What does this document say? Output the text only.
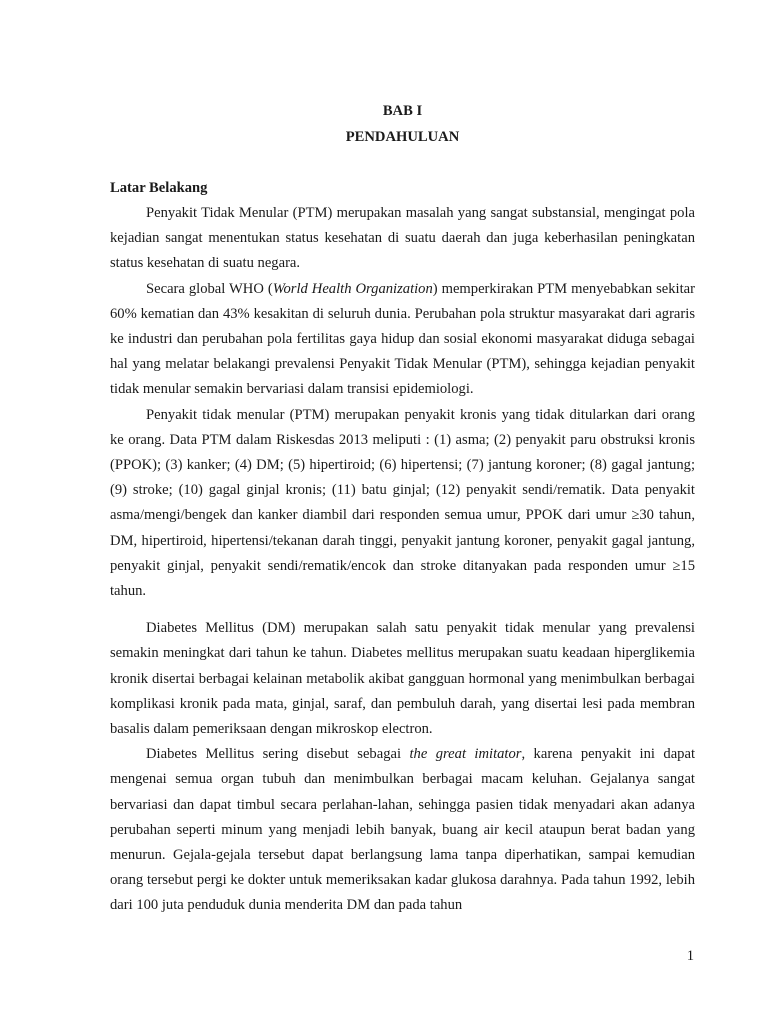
BAB I

PENDAHULUAN

Latar Belakang

Penyakit Tidak Menular (PTM) merupakan masalah yang sangat substansial, mengingat pola kejadian sangat menentukan status kesehatan di suatu daerah dan juga keberhasilan peningkatan status kesehatan di suatu negara.

Secara global WHO (World Health Organization) memperkirakan PTM menyebabkan sekitar 60% kematian dan 43% kesakitan di seluruh dunia. Perubahan pola struktur masyarakat dari agraris ke industri dan perubahan pola fertilitas gaya hidup dan sosial ekonomi masyarakat diduga sebagai hal yang melatar belakangi prevalensi Penyakit Tidak Menular (PTM), sehingga kejadian penyakit tidak menular semakin bervariasi dalam transisi epidemiologi.

Penyakit tidak menular (PTM) merupakan penyakit kronis yang tidak ditularkan dari orang ke orang. Data PTM dalam Riskesdas 2013 meliputi : (1) asma; (2) penyakit paru obstruksi kronis (PPOK); (3) kanker; (4) DM; (5) hipertiroid; (6) hipertensi; (7) jantung koroner; (8) gagal jantung; (9) stroke; (10) gagal ginjal kronis; (11) batu ginjal; (12) penyakit sendi/rematik. Data penyakit asma/mengi/bengek dan kanker diambil dari responden semua umur, PPOK dari umur ≥30 tahun, DM, hipertiroid, hipertensi/tekanan darah tinggi, penyakit jantung koroner, penyakit gagal jantung, penyakit ginjal, penyakit sendi/rematik/encok dan stroke ditanyakan pada responden umur ≥15 tahun.

Diabetes Mellitus (DM) merupakan salah satu penyakit tidak menular yang prevalensi semakin meningkat dari tahun ke tahun. Diabetes mellitus merupakan suatu keadaan hiperglikemia kronik disertai berbagai kelainan metabolik akibat gangguan hormonal yang menimbulkan berbagai komplikasi kronik pada mata, ginjal, saraf, dan pembuluh darah, yang disertai lesi pada membran basalis dalam pemeriksaan dengan mikroskop electron.

Diabetes Mellitus sering disebut sebagai the great imitator, karena penyakit ini dapat mengenai semua organ tubuh dan menimbulkan berbagai macam keluhan. Gejalanya sangat bervariasi dan dapat timbul secara perlahan-lahan, sehingga pasien tidak menyadari akan adanya perubahan seperti minum yang menjadi lebih banyak, buang air kecil ataupun berat badan yang menurun. Gejala-gejala tersebut dapat berlangsung lama tanpa diperhatikan, sampai kemudian orang tersebut pergi ke dokter untuk memeriksakan kadar glukosa darahnya. Pada tahun 1992, lebih dari 100 juta penduduk dunia menderita DM dan pada tahun

1
